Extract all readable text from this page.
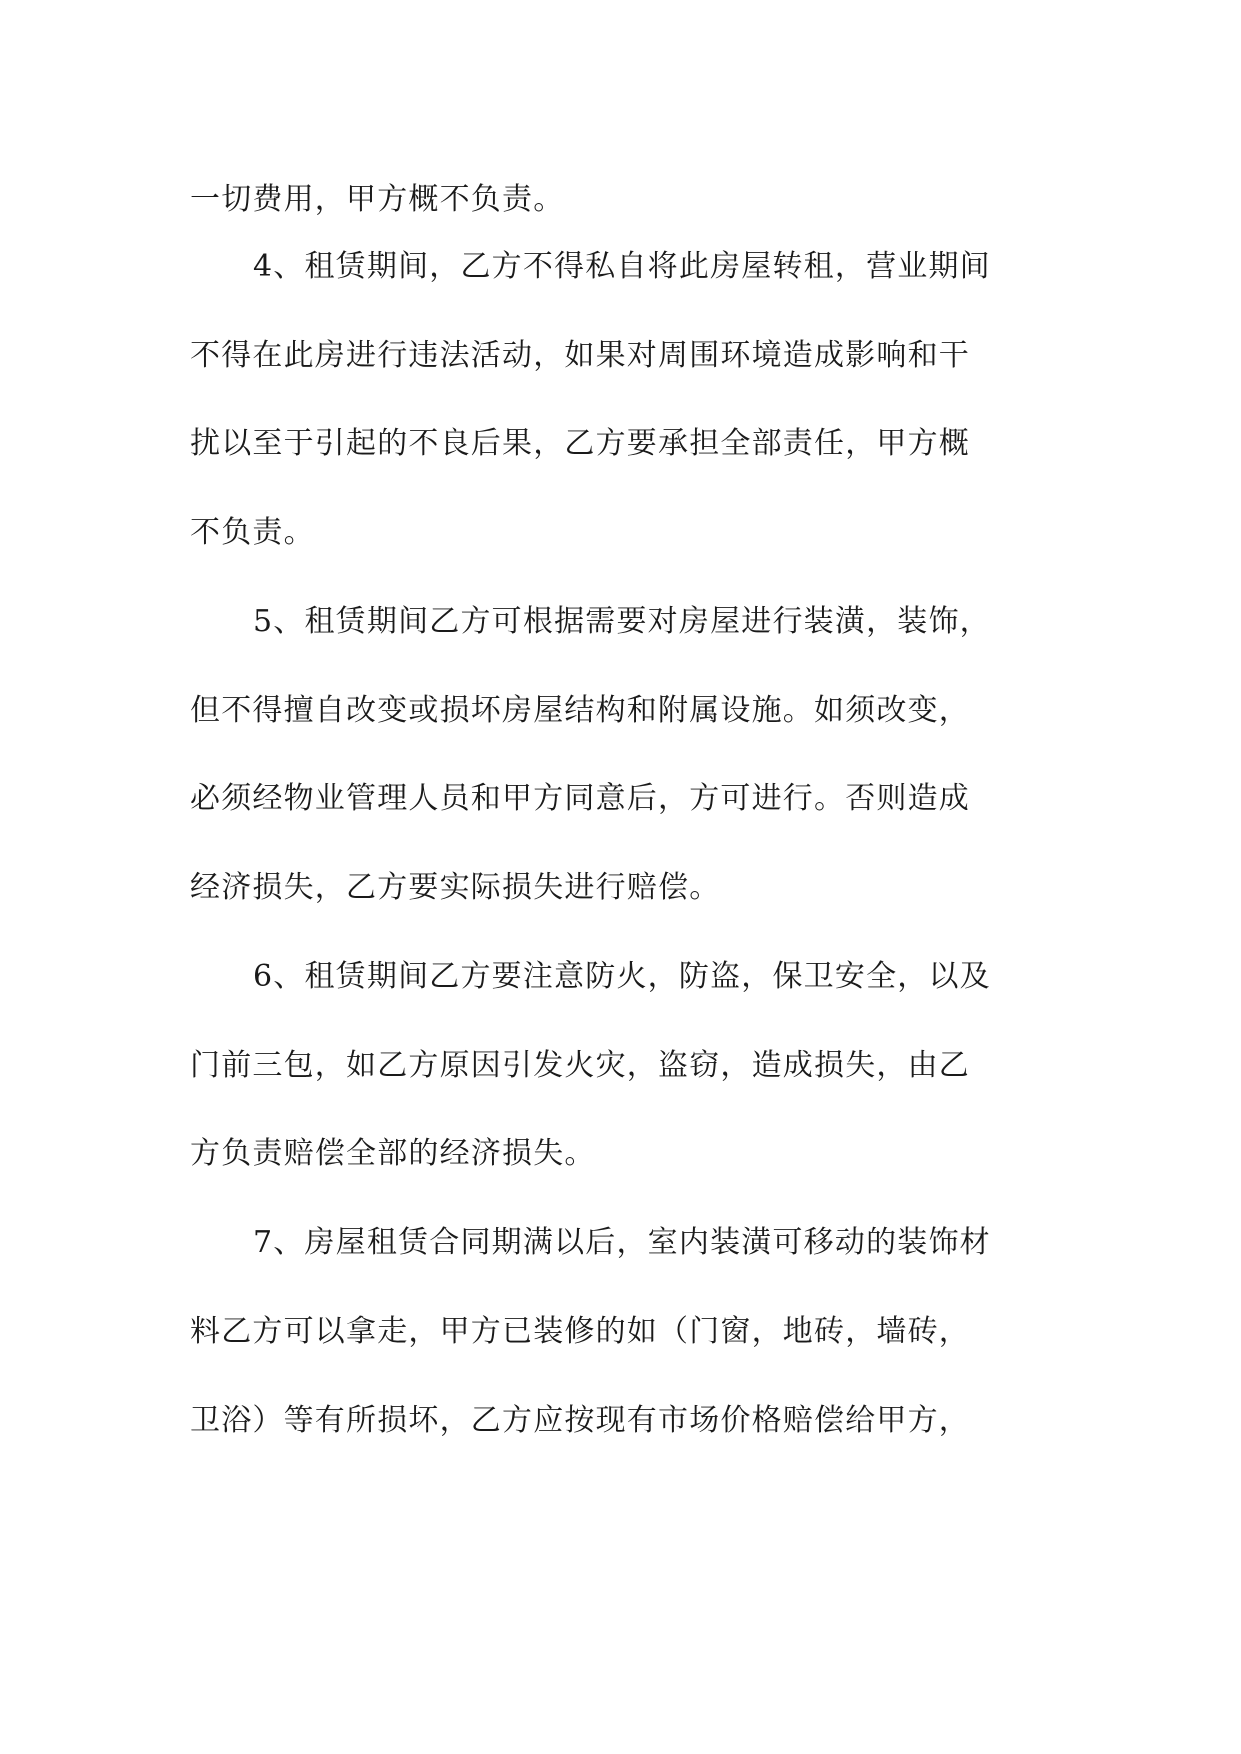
一切费用，甲方概不负责。
4、租赁期间，乙方不得私自将此房屋转租，营业期间
不得在此房进行违法活动，如果对周围环境造成影响和干
扰以至于引起的不良后果，乙方要承担全部责任，甲方概
不负责。
5、租赁期间乙方可根据需要对房屋进行装潢，装饰，
但不得擅自改变或损坏房屋结构和附属设施。如须改变，
必须经物业管理人员和甲方同意后，方可进行。否则造成
经济损失，乙方要实际损失进行赔偿。
6、租赁期间乙方要注意防火，防盗，保卫安全，以及
门前三包，如乙方原因引发火灾，盗窃，造成损失，由乙
方负责赔偿全部的经济损失。
7、房屋租赁合同期满以后，室内装潢可移动的装饰材
料乙方可以拿走，甲方已装修的如（门窗，地砖，墙砖，
卫浴）等有所损坏，乙方应按现有市场价格赔偿给甲方，
